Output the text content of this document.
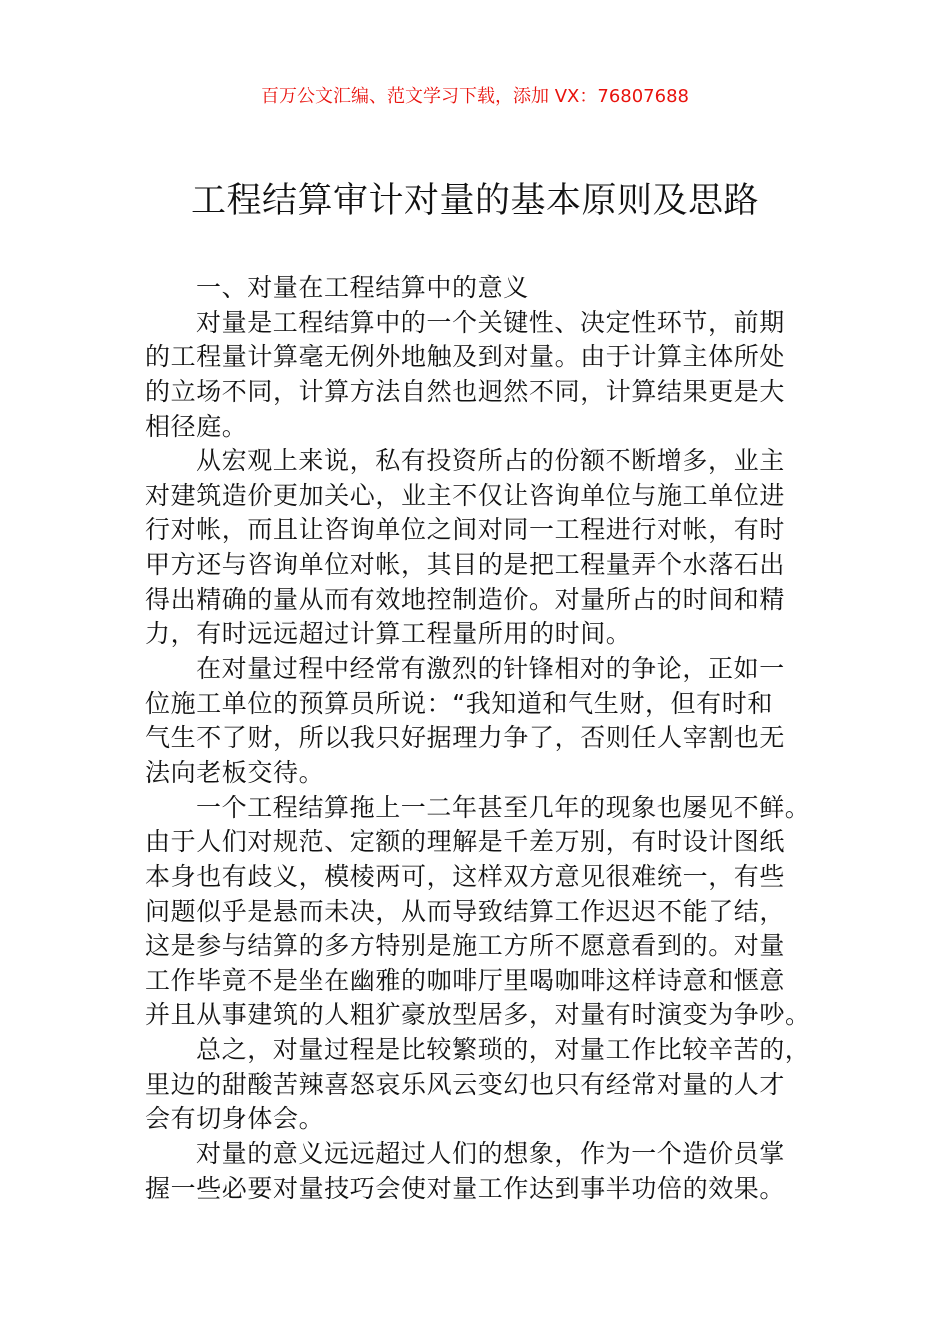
百万公文汇编、范文学习下载，添加 VX：76807688
工程结算审计对量的基本原则及思路
一、对量在工程结算中的意义
对量是工程结算中的一个关键性、决定性环节，前期
的工程量计算毫无例外地触及到对量。由于计算主体所处
的立场不同，计算方法自然也迥然不同，计算结果更是大
相径庭。
从宏观上来说，私有投资所占的份额不断增多，业主
对建筑造价更加关心，业主不仅让咨询单位与施工单位进
行对帐，而且让咨询单位之间对同一工程进行对帐，有时
甲方还与咨询单位对帐，其目的是把工程量弄个水落石出
得出精确的量从而有效地控制造价。对量所占的时间和精
力，有时远远超过计算工程量所用的时间。
在对量过程中经常有激烈的针锋相对的争论，正如一
位施工单位的预算员所说：“我知道和气生财，但有时和
气生不了财，所以我只好据理力争了，否则任人宰割也无
法向老板交待。
一个工程结算拖上一二年甚至几年的现象也屡见不鲜。
由于人们对规范、定额的理解是千差万别，有时设计图纸
本身也有歧义，模棱两可，这样双方意见很难统一，有些
问题似乎是悬而未决，从而导致结算工作迟迟不能了结，
这是参与结算的多方特别是施工方所不愿意看到的。对量
工作毕竟不是坐在幽雅的咖啡厅里喝咖啡这样诗意和惬意
并且从事建筑的人粗犷豪放型居多，对量有时演变为争吵。
总之，对量过程是比较繁琐的，对量工作比较辛苦的，
里边的甜酸苦辣喜怒哀乐风云变幻也只有经常对量的人才
会有切身体会。
对量的意义远远超过人们的想象，作为一个造价员掌
握一些必要对量技巧会使对量工作达到事半功倍的效果。
